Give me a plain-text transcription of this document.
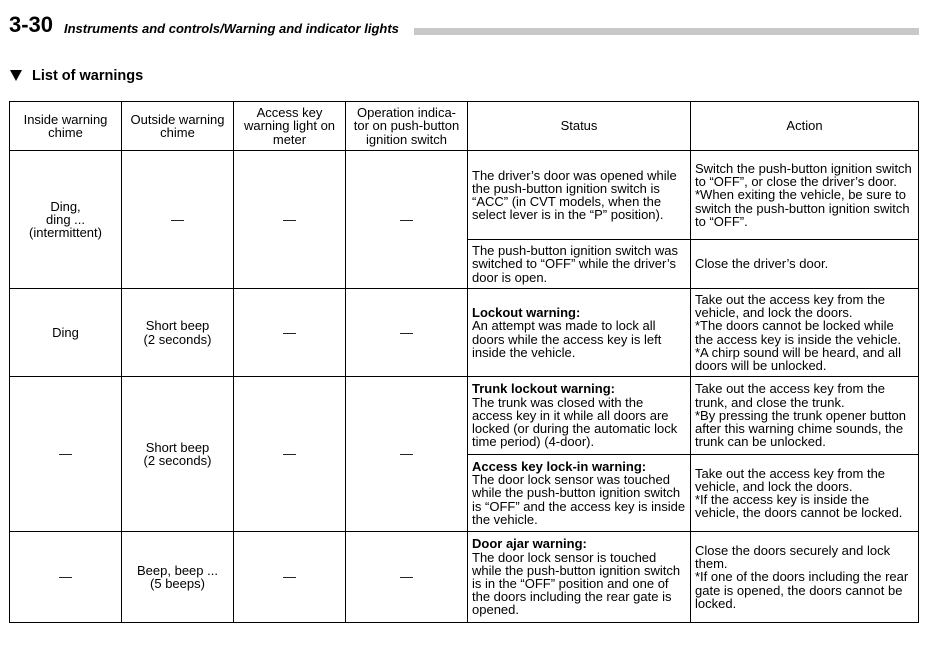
3-30 Instruments and controls/Warning and indicator lights
List of warnings
Inside warning
chime	Outside warning
chime	Access key
warning light on
meter	Operation indica-
tor on push-button
ignition switch	Status	Action
Ding,
ding ...
(intermittent)	—	—	—	The driver’s door was opened while the push-button ignition switch is “ACC” (in CVT models, when the select lever is in the “P” position).	Switch the push-button ignition switch to “OFF”, or close the driver’s door.
*When exiting the vehicle, be sure to switch the push-button ignition switch to “OFF”.
				The push-button ignition switch was switched to “OFF” while the driver’s door is open.	Close the driver’s door.
Ding	Short beep
(2 seconds)	—	—	Lockout warning:
An attempt was made to lock all doors while the access key is left inside the vehicle.	Take out the access key from the vehicle, and lock the doors.
*The doors cannot be locked while the access key is inside the vehicle.
*A chirp sound will be heard, and all doors will be unlocked.
—	Short beep
(2 seconds)	—	—	Trunk lockout warning:
The trunk was closed with the access key in it while all doors are locked (or during the automatic lock time period) (4-door).	Take out the access key from the trunk, and close the trunk.
*By pressing the trunk opener button after this warning chime sounds, the trunk can be unlocked.

				Access key lock-in warning:
The door lock sensor was touched while the push-button ignition switch is “OFF” and the access key is inside the vehicle.	Take out the access key from the vehicle, and lock the doors.
*If the access key is inside the vehicle, the doors cannot be locked.
—	Beep, beep ...
(5 beeps)	—	—	Door ajar warning:
The door lock sensor is touched while the push-button ignition switch is in the “OFF” position and one of the doors including the rear gate is opened.	Close the doors securely and lock them.
*If one of the doors including the rear gate is opened, the doors cannot be locked.
